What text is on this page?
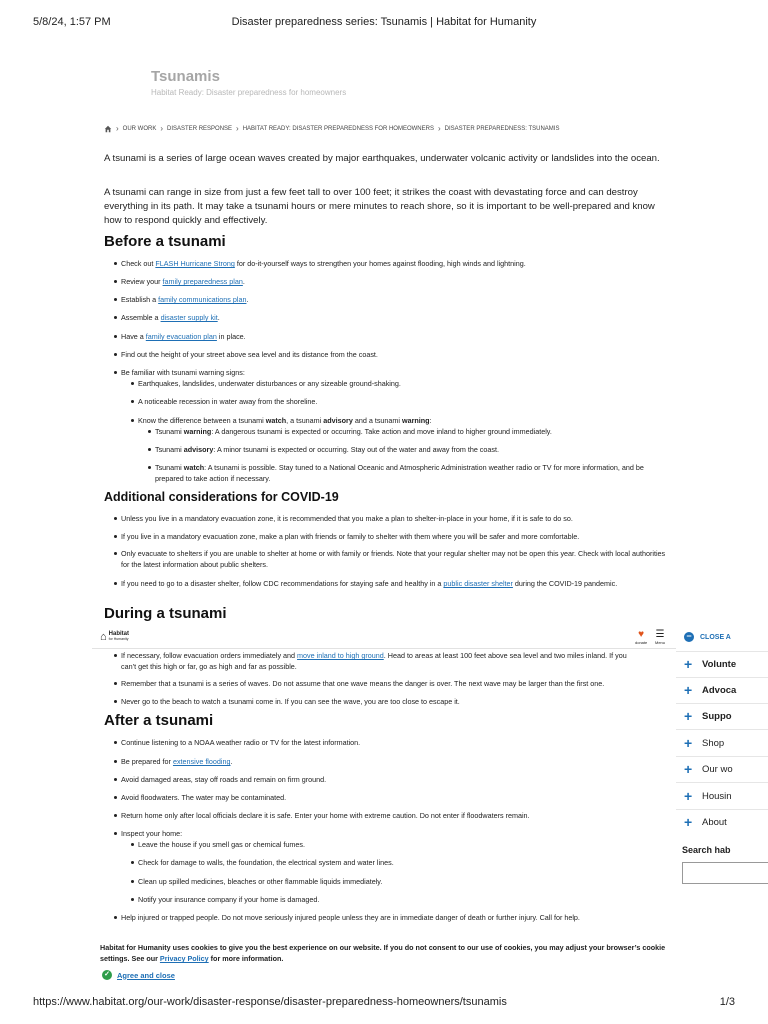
5/8/24, 1:57 PM	Disaster preparedness series: Tsunamis | Habitat for Humanity
Tsunamis
Habitat Ready: Disaster preparedness for homeowners
› OUR WORK › DISASTER RESPONSE › HABITAT READY: DISASTER PREPAREDNESS FOR HOMEOWNERS › DISASTER PREPAREDNESS: TSUNAMIS

A tsunami is a series of large ocean waves created by major earthquakes, underwater volcanic activity or landslides into the ocean.

A tsunami can range in size from just a few feet tall to over 100 feet; it strikes the coast with devastating force and can destroy everything in its path. It may take a tsunami hours or mere minutes to reach shore, so it is important to be well-prepared and know how to respond quickly and effectively.

Before a tsunami
Check out FLASH Hurricane Strong for do-it-yourself ways to strengthen your homes against flooding, high winds and lightning.
Review your family preparedness plan.
Establish a family communications plan.
Assemble a disaster supply kit.
Have a family evacuation plan in place.
Find out the height of your street above sea level and its distance from the coast.
Be familiar with tsunami warning signs:
Earthquakes, landslides, underwater disturbances or any sizeable ground-shaking.
A noticeable recession in water away from the shoreline.
Know the difference between a tsunami watch, a tsunami advisory and a tsunami warning:
Tsunami warning: A dangerous tsunami is expected or occurring. Take action and move inland to higher ground immediately.
Tsunami advisory: A minor tsunami is expected or occurring. Stay out of the water and away from the coast.
Tsunami watch: A tsunami is possible. Stay tuned to a National Oceanic and Atmospheric Administration weather radio or TV for more information, and be prepared to take action if necessary.
Additional considerations for COVID-19
Unless you live in a mandatory evacuation zone, it is recommended that you make a plan to shelter-in-place in your home, if it is safe to do so.
If you live in a mandatory evacuation zone, make a plan with friends or family to shelter with them where you will be safer and more comfortable.
Only evacuate to shelters if you are unable to shelter at home or with family or friends. Note that your regular shelter may not be open this year. Check with local authorities for the latest information about public shelters.
If you need to go to a disaster shelter, follow CDC recommendations for staying safe and healthy in a public disaster shelter during the COVID-19 pandemic.
During a tsunami
⌂ Habitat
for Humanity	♥
donate
☰
Menu
If necessary, follow evacuation orders immediately and move inland to high ground. Head to areas at least 100 feet above sea level and two miles inland. If you can’t get this high or far, go as high and far as possible.
Remember that a tsunami is a series of waves. Do not assume that one wave means the danger is over. The next wave may be larger than the first one.
Never go to the beach to watch a tsunami come in. If you can see the wave, you are too close to escape it.
After a tsunami
Continue listening to a NOAA weather radio or TV for the latest information.
Be prepared for extensive flooding.
Avoid damaged areas, stay off roads and remain on firm ground.
Avoid floodwaters. The water may be contaminated.
Return home only after local officials declare it is safe. Enter your home with extreme caution. Do not enter if floodwaters remain.
Inspect your home:
Leave the house if you smell gas or chemical fumes.
Check for damage to walls, the foundation, the electrical system and water lines.
Clean up spilled medicines, bleaches or other flammable liquids immediately.
Notify your insurance company if your home is damaged.
Help injured or trapped people. Do not move seriously injured people unless they are in immediate danger of death or further injury. Call for help.
−	CLOSE A
+ Volunte
+ Advoca
+ Suppo
+ Shop
+ Our wo
+ Housin
+ About
Search hab
Habitat for Humanity uses cookies to give you the best experience on our website. If you do not consent to our use of cookies, you may adjust your browser’s cookie settings. See our Privacy Policy for more information.
✓ Agree and close
https://www.habitat.org/our-work/disaster-response/disaster-preparedness-homeowners/tsunamis	1/3
